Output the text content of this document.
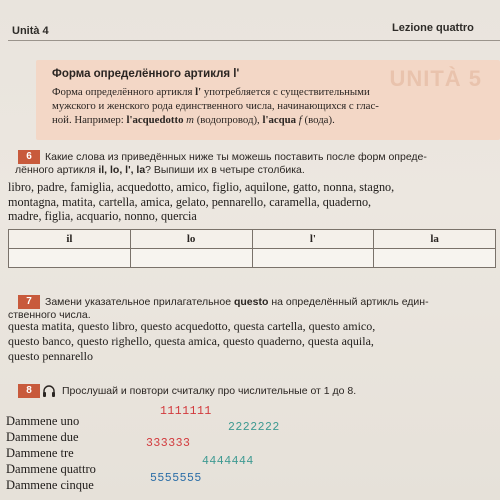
Unità 4	Lezione quattro
UNITÀ 5
Форма определённого артикля l'
Форма определённого артикля l' употребляется с существительными
мужского и женского рода единственного числа, начинающихся с глас-
ной. Например: l'acquedotto m (водопровод), l'acqua f (вода).
6	Какие слова из приведённых ниже ты можешь поставить после форм опреде-
лённого артикля il, lo, l', la? Выпиши их в четыре столбика.
libro, padre, famiglia, acquedotto, amico, figlio, aquilone, gatto, nonna, stagno,
montagna, matita, cartella, amica, gelato, pennarello, caramella, quaderno,
madre, figlia, acquario, nonno, quercia
il	lo	l'	la

7	Замени указательное прилагательное questo на определённый артикль един-
ственного числа.
questa matita, questo libro, questo acquedotto, questa cartella, questo amico,
questo banco, questo righello, questa amica, questo quaderno, questa aquila,
questo pennarello
8	Прослушай и повтори считалку про числительные от 1 до 8.
Dammene uno
Dammene due
Dammene tre
Dammene quattro
Dammene cinque
1111111
2222222
333333
4444444
5555555
